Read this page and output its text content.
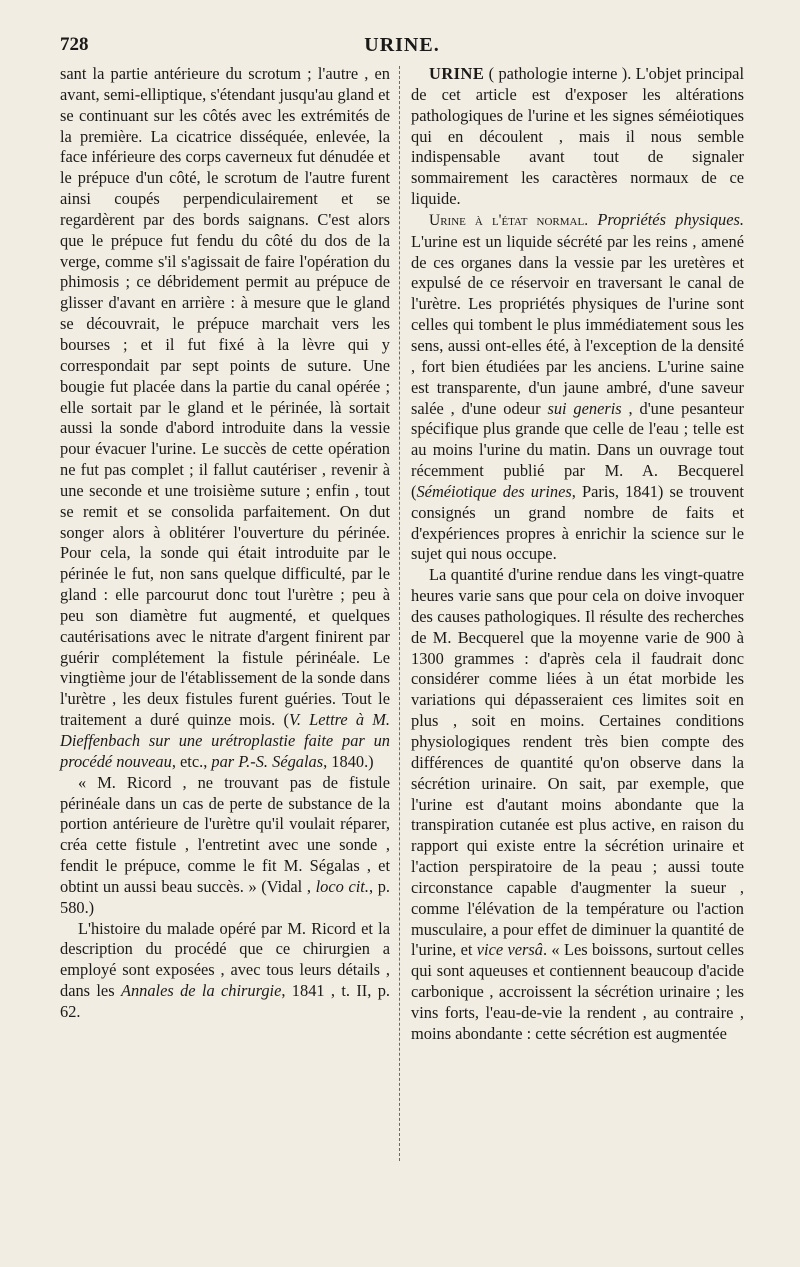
728	URINE.

sant la partie antérieure du scrotum ; l'autre , en avant, semi-elliptique, s'étendant jusqu'au gland et se continuant sur les côtés avec les extrémités de la première. La cicatrice disséquée, enlevée, la face inférieure des corps caverneux fut dénudée et le prépuce d'un côté, le scrotum de l'autre furent ainsi coupés perpendiculairement et se regardèrent par des bords saignans. C'est alors que le prépuce fut fendu du côté du dos de la verge, comme s'il s'agissait de faire l'opération du phimosis ; ce débridement permit au prépuce de glisser d'avant en arrière : à mesure que le gland se découvrait, le prépuce marchait vers les bourses ; et il fut fixé à la lèvre qui y correspondait par sept points de suture. Une bougie fut placée dans la partie du canal opérée ; elle sortait par le gland et le périnée, là sortait aussi la sonde d'abord introduite dans la vessie pour évacuer l'urine. Le succès de cette opération ne fut pas complet ; il fallut cautériser , revenir à une seconde et une troisième suture ; enfin , tout se remit et se consolida parfaitement. On dut songer alors à oblitérer l'ouverture du périnée. Pour cela, la sonde qui était introduite par le périnée le fut, non sans quelque difficulté, par le gland : elle parcourut donc tout l'urètre ; peu à peu son diamètre fut augmenté, et quelques cautérisations avec le nitrate d'argent finirent par guérir complétement la fistule périnéale. Le vingtième jour de l'établissement de la sonde dans l'urètre , les deux fistules furent guéries. Tout le traitement a duré quinze mois. (V. Lettre à M. Dieffenbach sur une urétroplastie faite par un procédé nouveau, etc., par P.-S. Ségalas, 1840.)

« M. Ricord , ne trouvant pas de fistule périnéale dans un cas de perte de substance de la portion antérieure de l'urètre qu'il voulait réparer, créa cette fistule , l'entretint avec une sonde , fendit le prépuce, comme le fit M. Ségalas , et obtint un aussi beau succès. » (Vidal , loco cit., p. 580.)

L'histoire du malade opéré par M. Ricord et la description du procédé que ce chirurgien a employé sont exposées , avec tous leurs détails , dans les Annales de la chirurgie, 1841 , t. II, p. 62.

URINE ( pathologie interne ). L'objet principal de cet article est d'exposer les altérations pathologiques de l'urine et les signes séméiotiques qui en découlent , mais il nous semble indispensable avant tout de signaler sommairement les caractères normaux de ce liquide.

Urine à l'état normal. Propriétés physiques. L'urine est un liquide sécrété par les reins , amené de ces organes dans la vessie par les uretères et expulsé de ce réservoir en traversant le canal de l'urètre. Les propriétés physiques de l'urine sont celles qui tombent le plus immédiatement sous les sens, aussi ont-elles été, à l'exception de la densité , fort bien étudiées par les anciens. L'urine saine est transparente, d'un jaune ambré, d'une saveur salée , d'une odeur sui generis , d'une pesanteur spécifique plus grande que celle de l'eau ; telle est au moins l'urine du matin. Dans un ouvrage tout récemment publié par M. A. Becquerel (Séméiotique des urines, Paris, 1841) se trouvent consignés un grand nombre de faits et d'expériences propres à enrichir la science sur le sujet qui nous occupe.

La quantité d'urine rendue dans les vingt-quatre heures varie sans que pour cela on doive invoquer des causes pathologiques. Il résulte des recherches de M. Becquerel que la moyenne varie de 900 à 1300 grammes : d'après cela il faudrait donc considérer comme liées à un état morbide les variations qui dépasseraient ces limites soit en plus , soit en moins. Certaines conditions physiologiques rendent très bien compte des différences de quantité qu'on observe dans la sécrétion urinaire. On sait, par exemple, que l'urine est d'autant moins abondante que la transpiration cutanée est plus active, en raison du rapport qui existe entre la sécrétion urinaire et l'action perspiratoire de la peau ; aussi toute circonstance capable d'augmenter la sueur , comme l'élévation de la température ou l'action musculaire, a pour effet de diminuer la quantité de l'urine, et vice versâ. « Les boissons, surtout celles qui sont aqueuses et contiennent beaucoup d'acide carbonique , accroissent la sécrétion urinaire ; les vins forts, l'eau-de-vie la rendent , au contraire , moins abondante : cette sécrétion est augmentée
